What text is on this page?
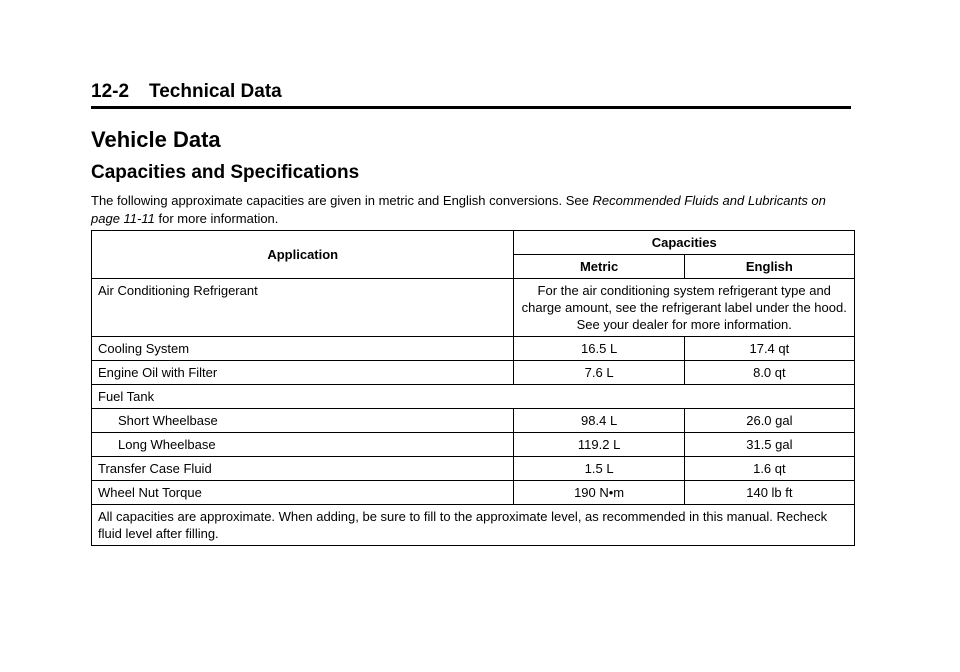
12-2 Technical Data
Vehicle Data
Capacities and Specifications

The following approximate capacities are given in metric and English conversions. See Recommended Fluids and Lubricants on page 11-11 for more information.

Application	Capacities	
	Metric	English
Air Conditioning Refrigerant	For the air conditioning system refrigerant type and charge amount, see the refrigerant label under the hood. See your dealer for more information.	
Cooling System	16.5 L	17.4 qt
Engine Oil with Filter	7.6 L	8.0 qt
Fuel Tank		
Short Wheelbase	98.4 L	26.0 gal
Long Wheelbase	119.2 L	31.5 gal
Transfer Case Fluid	1.5 L	1.6 qt
Wheel Nut Torque	190 N•m	140 lb ft
All capacities are approximate. When adding, be sure to fill to the approximate level, as recommended in this manual. Recheck fluid level after filling.		
